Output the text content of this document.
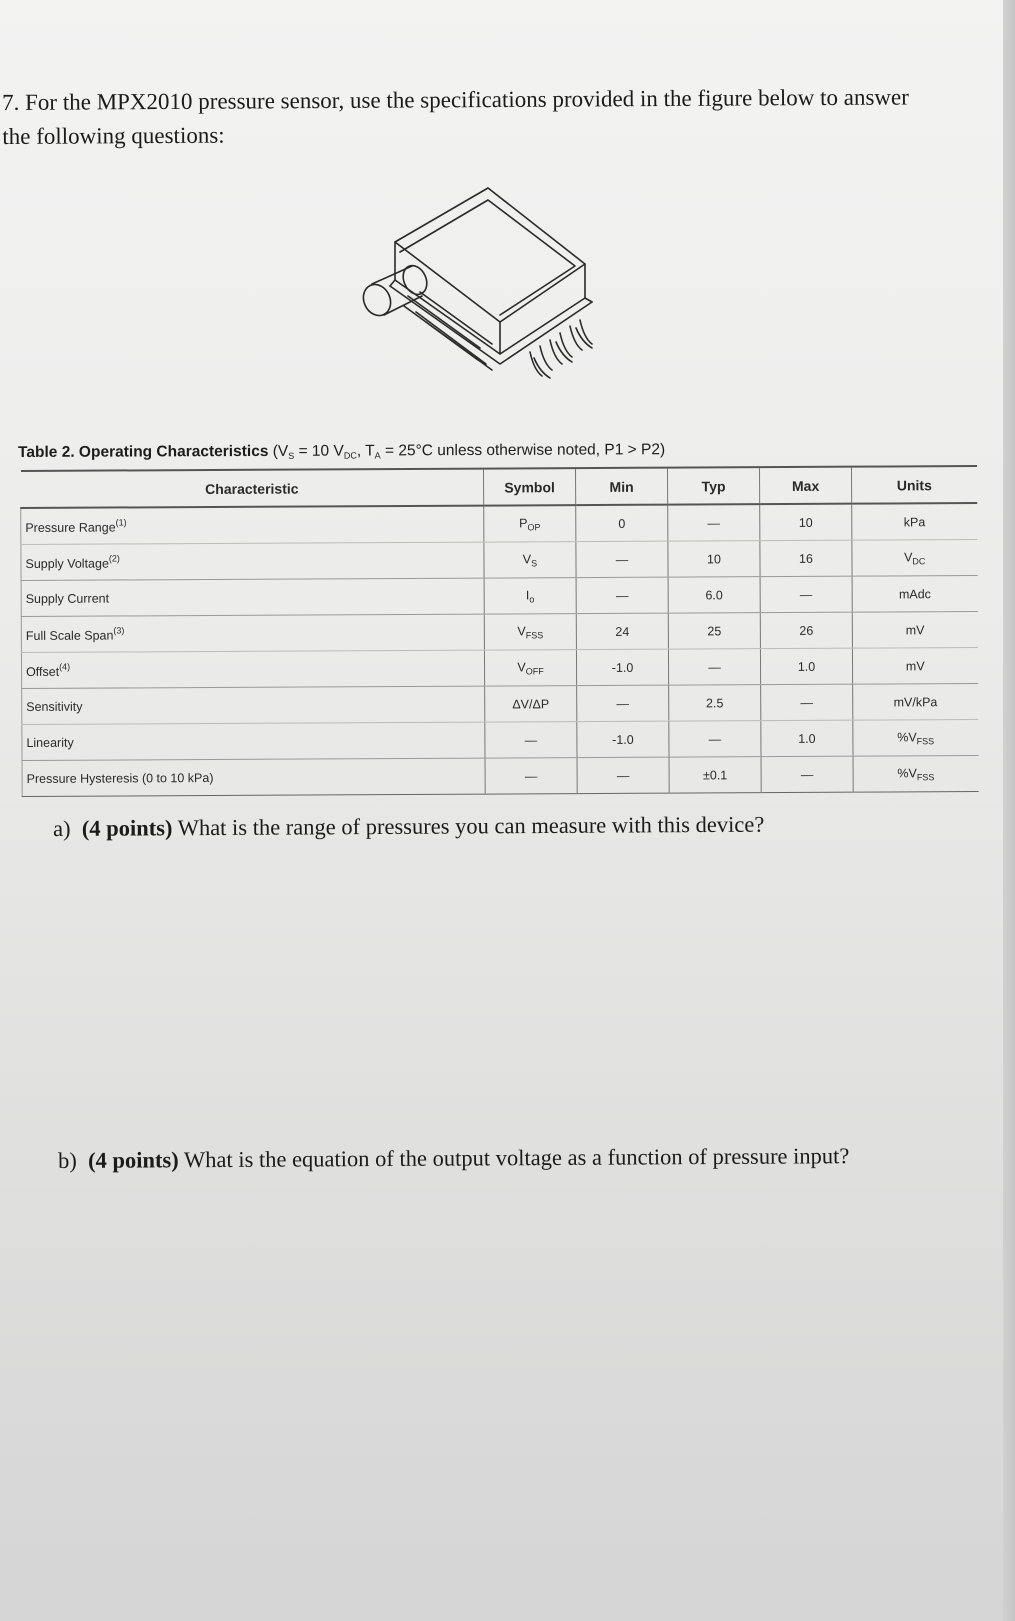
7. For the MPX2010 pressure sensor, use the specifications provided in the figure below to answer
the following questions:
Table 2. Operating Characteristics ($V_S = 10$ $V_{DC}$, $T_A = 25^\circ C$ unless otherwise noted, P1 > P2)
Characteristic	Symbol	Min	Typ	Max	Units
Pressure Range$^{(1)}$	$P_{OP}$	0	—	10	kPa
Supply Voltage$^{(2)}$	$V_S$	—	10	16	$V_{DC}$
Supply Current	$I_o$	—	6.0	—	mAdc
Full Scale Span$^{(3)}$	$V_{FSS}$	24	25	26	mV
Offset$^{(4)}$	$V_{OFF}$	-1.0	—	1.0	mV
Sensitivity	ΔV/ΔP	—	2.5	—	mV/kPa
Linearity	—	-1.0	—	1.0	$\%V_{FSS}$
Pressure Hysteresis (0 to 10 kPa)	—	—	±0.1	—	$\%V_{FSS}$
a) (4 points) What is the range of pressures you can measure with this device?
b) (4 points) What is the equation of the output voltage as a function of pressure input?
